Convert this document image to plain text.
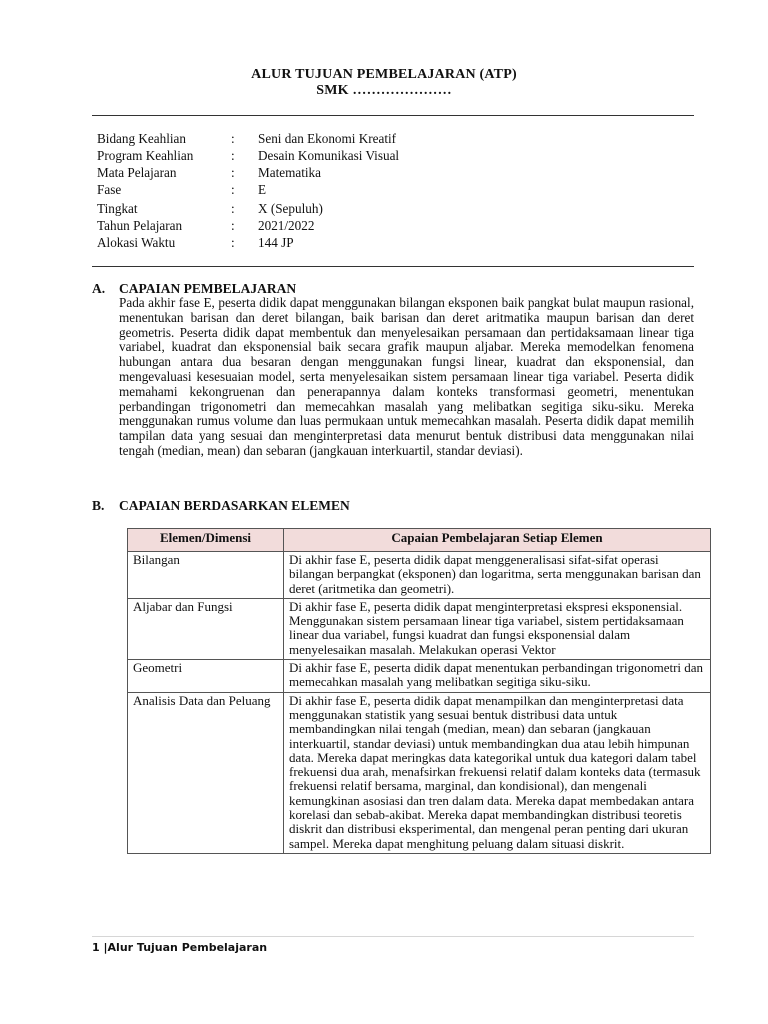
ALUR TUJUAN PEMBELAJARAN (ATP)
SMK …………………
Bidang Keahlian	: Seni dan Ekonomi Kreatif
Program Keahlian	: Desain Komunikasi Visual
Mata Pelajaran	: Matematika
Fase	: E
Tingkat	: X (Sepuluh)
Tahun Pelajaran	: 2021/2022
Alokasi Waktu	: 144 JP
A. CAPAIAN PEMBELAJARAN
Pada akhir fase E, peserta didik dapat menggunakan bilangan eksponen baik pangkat bulat maupun rasional, menentukan barisan dan deret bilangan, baik barisan dan deret aritmatika maupun barisan dan deret geometris. Peserta didik dapat membentuk dan menyelesaikan persamaan dan pertidaksamaan linear tiga variabel, kuadrat dan eksponensial baik secara grafik maupun aljabar. Mereka memodelkan fenomena hubungan antara dua besaran dengan menggunakan fungsi linear, kuadrat dan eksponensial, dan mengevaluasi kesesuaian model, serta menyelesaikan sistem persamaan linear tiga variabel. Peserta didik memahami kekongruenan dan penerapannya dalam konteks transformasi geometri, menentukan perbandingan trigonometri dan memecahkan masalah yang melibatkan segitiga siku-siku. Mereka menggunakan rumus volume dan luas permukaan untuk memecahkan masalah. Peserta didik dapat memilih tampilan data yang sesuai dan menginterpretasi data menurut bentuk distribusi data menggunakan nilai tengah (median, mean) dan sebaran (jangkauan interkuartil, standar deviasi).
B. CAPAIAN BERDASARKAN ELEMEN
Elemen/Dimensi	Capaian Pembelajaran Setiap Elemen
Bilangan	Di akhir fase E, peserta didik dapat menggeneralisasi sifat-sifat operasi bilangan berpangkat (eksponen) dan logaritma, serta menggunakan barisan dan deret (aritmetika dan geometri).
Aljabar dan Fungsi	Di akhir fase E, peserta didik dapat menginterpretasi ekspresi eksponensial. Menggunakan sistem persamaan linear tiga variabel, sistem pertidaksamaan linear dua variabel, fungsi kuadrat dan fungsi eksponensial dalam menyelesaikan masalah. Melakukan operasi Vektor
Geometri	Di akhir fase E, peserta didik dapat menentukan perbandingan trigonometri dan memecahkan masalah yang melibatkan segitiga siku-siku.
Analisis Data dan Peluang	Di akhir fase E, peserta didik dapat menampilkan dan menginterpretasi data menggunakan statistik yang sesuai bentuk distribusi data untuk membandingkan nilai tengah (median, mean) dan sebaran (jangkauan interkuartil, standar deviasi) untuk membandingkan dua atau lebih himpunan data. Mereka dapat meringkas data kategorikal untuk dua kategori dalam tabel frekuensi dua arah, menafsirkan frekuensi relatif dalam konteks data (termasuk frekuensi relatif bersama, marginal, dan kondisional), dan mengenali kemungkinan asosiasi dan tren dalam data. Mereka dapat membedakan antara korelasi dan sebab-akibat. Mereka dapat membandingkan distribusi teoretis diskrit dan distribusi eksperimental, dan mengenal peran penting dari ukuran sampel. Mereka dapat menghitung peluang dalam situasi diskrit.
1 |Alur Tujuan Pembelajaran
